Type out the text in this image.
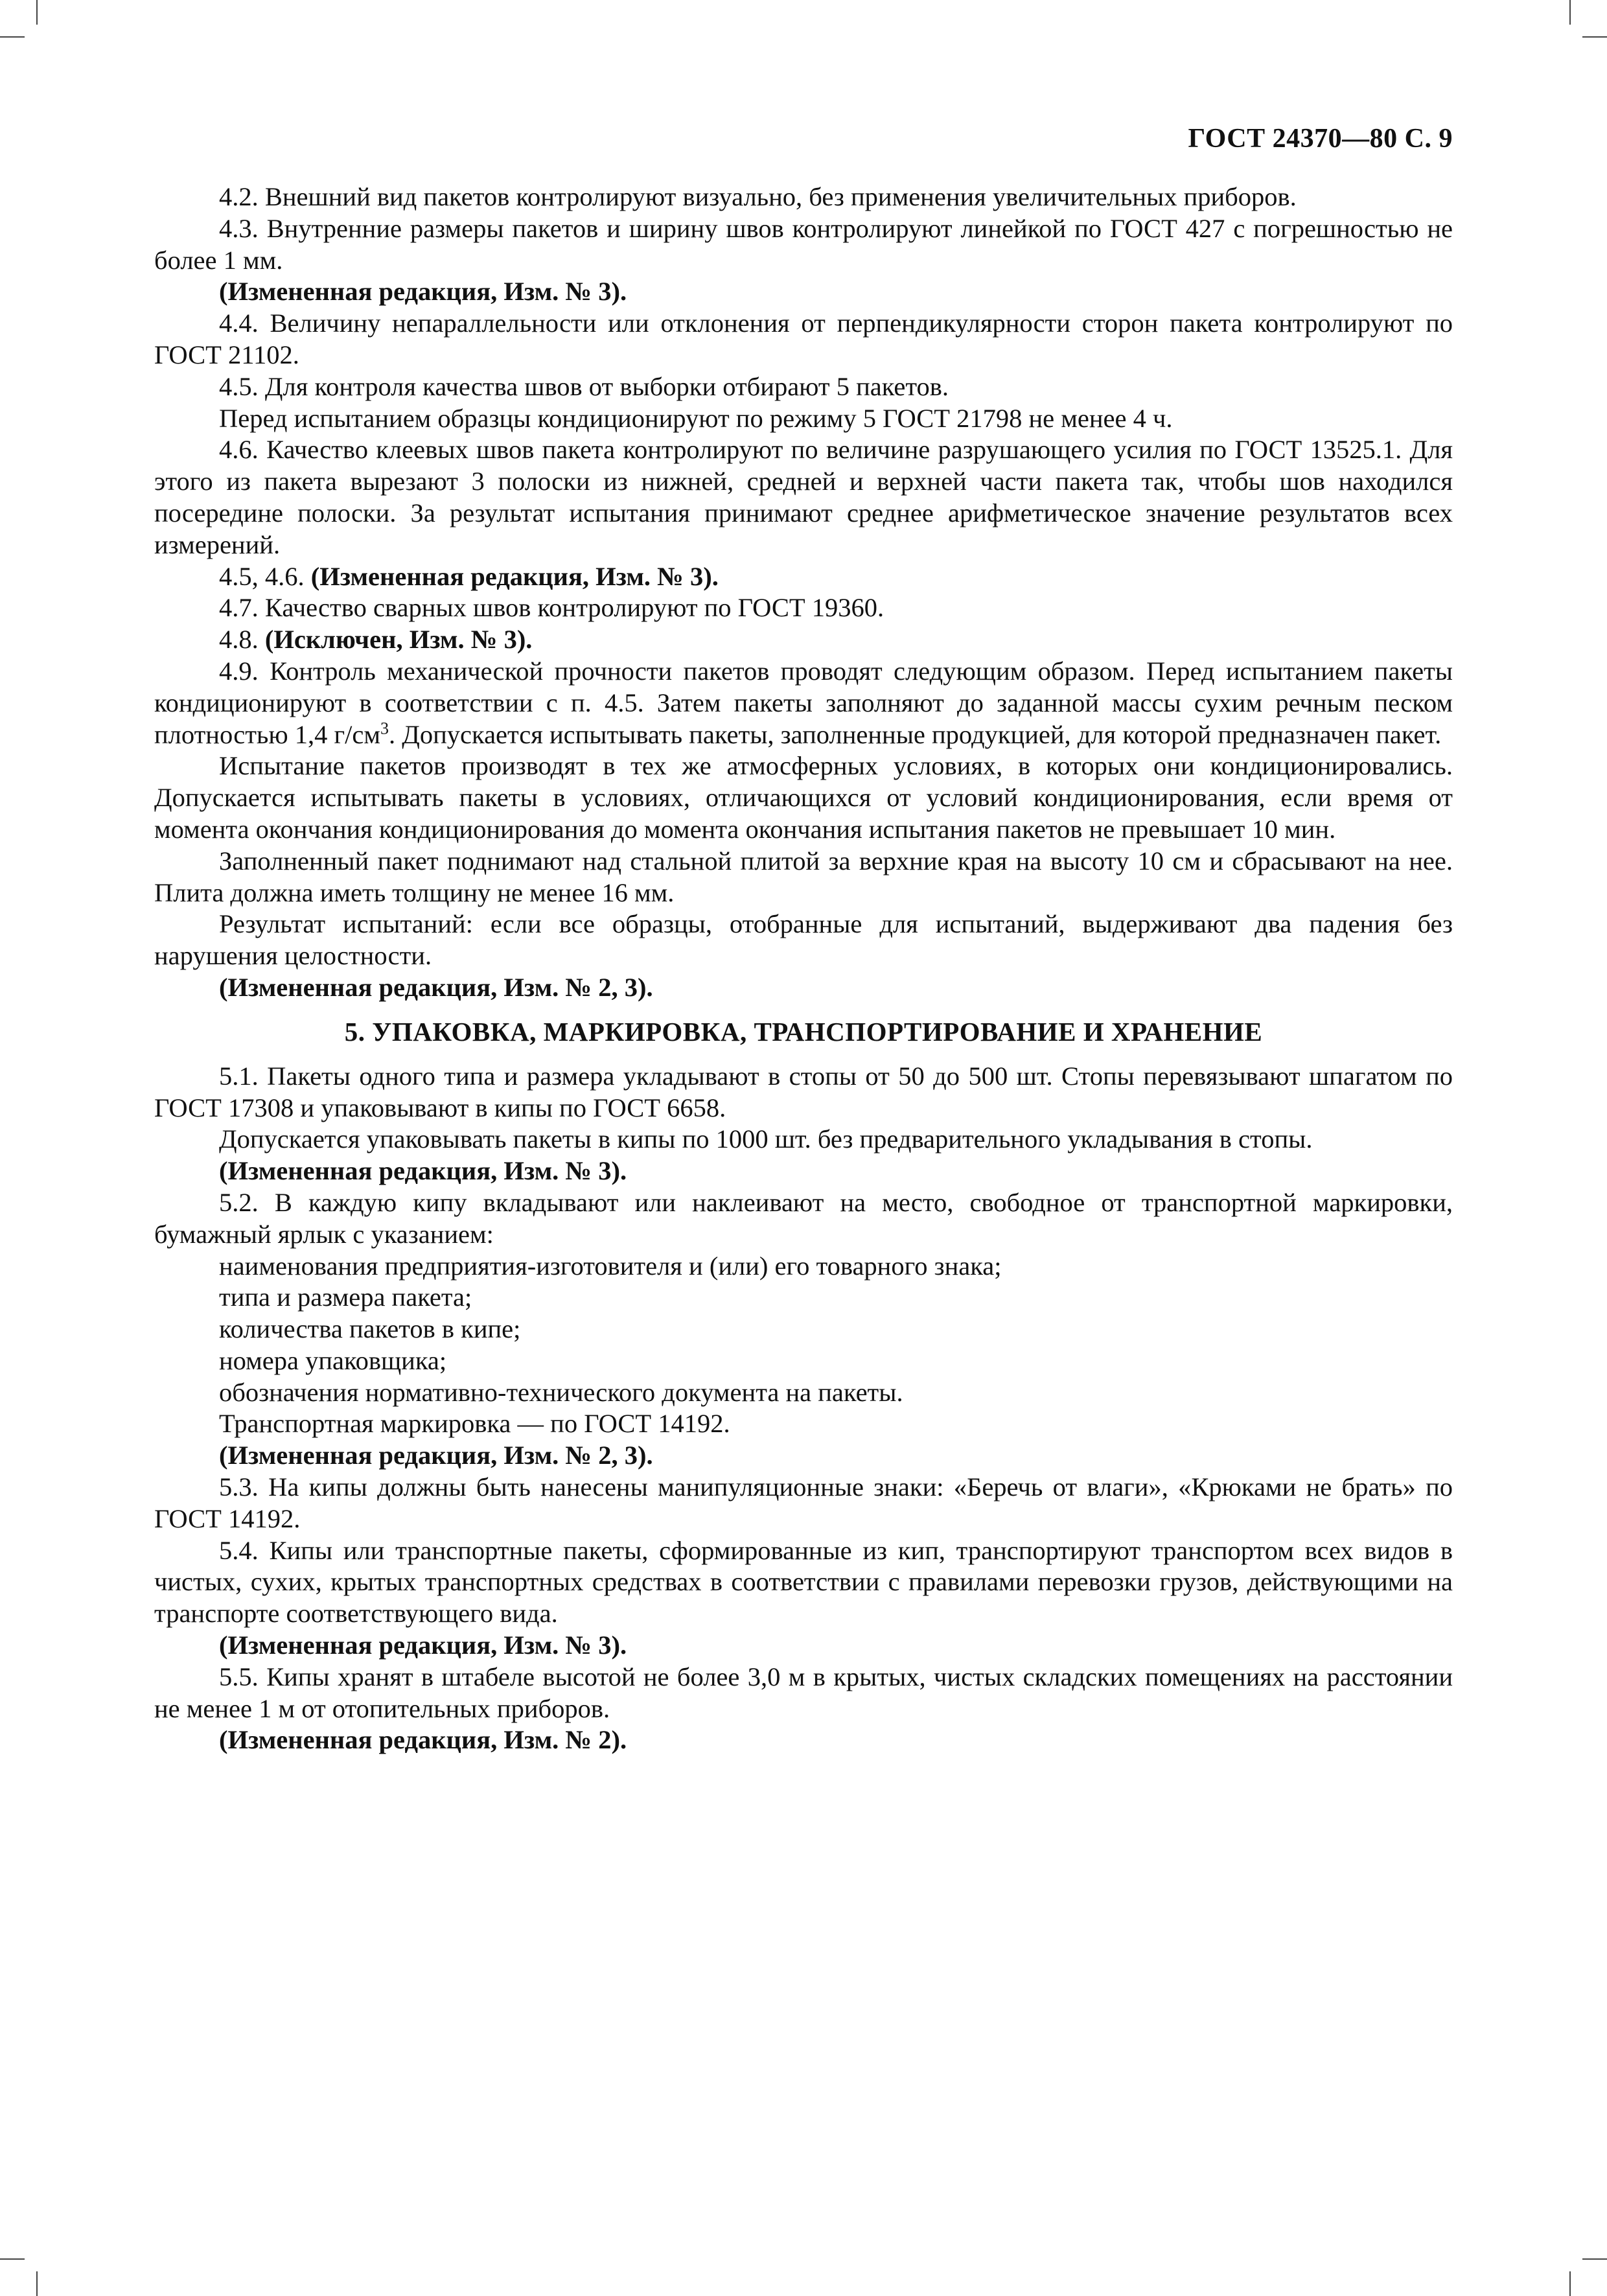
ГОСТ 24370—80 С. 9

4.2. Внешний вид пакетов контролируют визуально, без применения увеличительных приборов.

4.3. Внутренние размеры пакетов и ширину швов контролируют линейкой по ГОСТ 427 с погрешностью не более 1 мм.

(Измененная редакция, Изм. № 3).

4.4. Величину непараллельности или отклонения от перпендикулярности сторон пакета контролируют по ГОСТ 21102.

4.5. Для контроля качества швов от выборки отбирают 5 пакетов.

Перед испытанием образцы кондиционируют по режиму 5 ГОСТ 21798 не менее 4 ч.

4.6. Качество клеевых швов пакета контролируют по величине разрушающего усилия по ГОСТ 13525.1. Для этого из пакета вырезают 3 полоски из нижней, средней и верхней части пакета так, чтобы шов находился посередине полоски. За результат испытания принимают среднее арифметическое значение результатов всех измерений.

4.5, 4.6. (Измененная редакция, Изм. № 3).

4.7. Качество сварных швов контролируют по ГОСТ 19360.

4.8. (Исключен, Изм. № 3).

4.9. Контроль механической прочности пакетов проводят следующим образом. Перед испытанием пакеты кондиционируют в соответствии с п. 4.5. Затем пакеты заполняют до заданной массы сухим речным песком плотностью 1,4 $г/см^3$. Допускается испытывать пакеты, заполненные продукцией, для которой предназначен пакет.

Испытание пакетов производят в тех же атмосферных условиях, в которых они кондиционировались. Допускается испытывать пакеты в условиях, отличающихся от условий кондиционирования, если время от момента окончания кондиционирования до момента окончания испытания пакетов не превышает 10 мин.

Заполненный пакет поднимают над стальной плитой за верхние края на высоту 10 см и сбрасывают на нее. Плита должна иметь толщину не менее 16 мм.

Результат испытаний: если все образцы, отобранные для испытаний, выдерживают два падения без нарушения целостности.

(Измененная редакция, Изм. № 2, 3).

5. УПАКОВКА, МАРКИРОВКА, ТРАНСПОРТИРОВАНИЕ И ХРАНЕНИЕ

5.1. Пакеты одного типа и размера укладывают в стопы от 50 до 500 шт. Стопы перевязывают шпагатом по ГОСТ 17308 и упаковывают в кипы по ГОСТ 6658.

Допускается упаковывать пакеты в кипы по 1000 шт. без предварительного укладывания в стопы.

(Измененная редакция, Изм. № 3).

5.2. В каждую кипу вкладывают или наклеивают на место, свободное от транспортной маркировки, бумажный ярлык с указанием:

наименования предприятия-изготовителя и (или) его товарного знака;

типа и размера пакета;

количества пакетов в кипе;

номера упаковщика;

обозначения нормативно-технического документа на пакеты.

Транспортная маркировка — по ГОСТ 14192.

(Измененная редакция, Изм. № 2, 3).

5.3. На кипы должны быть нанесены манипуляционные знаки: «Беречь от влаги», «Крюками не брать» по ГОСТ 14192.

5.4. Кипы или транспортные пакеты, сформированные из кип, транспортируют транспортом всех видов в чистых, сухих, крытых транспортных средствах в соответствии с правилами перевозки грузов, действующими на транспорте соответствующего вида.

(Измененная редакция, Изм. № 3).

5.5. Кипы хранят в штабеле высотой не более 3,0 м в крытых, чистых складских помещениях на расстоянии не менее 1 м от отопительных приборов.

(Измененная редакция, Изм. № 2).
